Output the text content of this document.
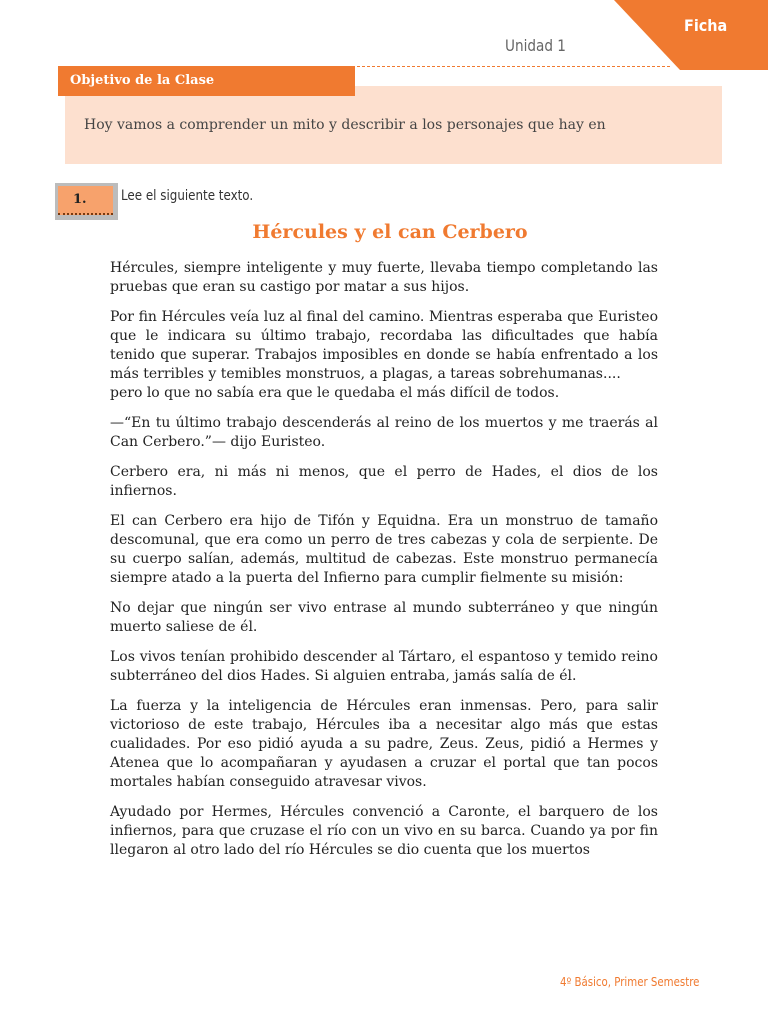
Ficha
Unidad 1
Objetivo de la Clase
Hoy vamos a comprender un mito y describir a los personajes que hay en
1. Lee el siguiente texto.
Hércules y el can Cerbero

Hércules, siempre inteligente y muy fuerte, llevaba tiempo completando las pruebas que eran su castigo por matar a sus hijos.

Por fin Hércules veía luz al final del camino. Mientras esperaba que Euristeo que le indicara su último trabajo, recordaba las dificultades que había tenido que superar. Trabajos imposibles en donde se había enfrentado a los más terribles y temibles monstruos, a plagas, a tareas sobrehumanas....

pero lo que no sabía era que le quedaba el más difícil de todos.

—“En tu último trabajo descenderás al reino de los muertos y me traerás al Can Cerbero.”— dijo Euristeo.

Cerbero era, ni más ni menos, que el perro de Hades, el dios de los infiernos.

El can Cerbero era hijo de Tifón y Equidna. Era un monstruo de tamaño descomunal, que era como un perro de tres cabezas y cola de serpiente. De su cuerpo salían, además, multitud de cabezas. Este monstruo permanecía siempre atado a la puerta del Infierno para cumplir fielmente su misión:

No dejar que ningún ser vivo entrase al mundo subterráneo y que ningún muerto saliese de él.

Los vivos tenían prohibido descender al Tártaro, el espantoso y temido reino subterráneo del dios Hades. Si alguien entraba, jamás salía de él.

La fuerza y la inteligencia de Hércules eran inmensas. Pero, para salir victorioso de este trabajo, Hércules iba a necesitar algo más que estas cualidades. Por eso pidió ayuda a su padre, Zeus. Zeus, pidió a Hermes y Atenea que lo acompañaran y ayudasen a cruzar el portal que tan pocos mortales habían conseguido atravesar vivos.

Ayudado por Hermes, Hércules convenció a Caronte, el barquero de los infiernos, para que cruzase el río con un vivo en su barca. Cuando ya por fin llegaron al otro lado del río Hércules se dio cuenta que los muertos

4º Básico, Primer Semestre
